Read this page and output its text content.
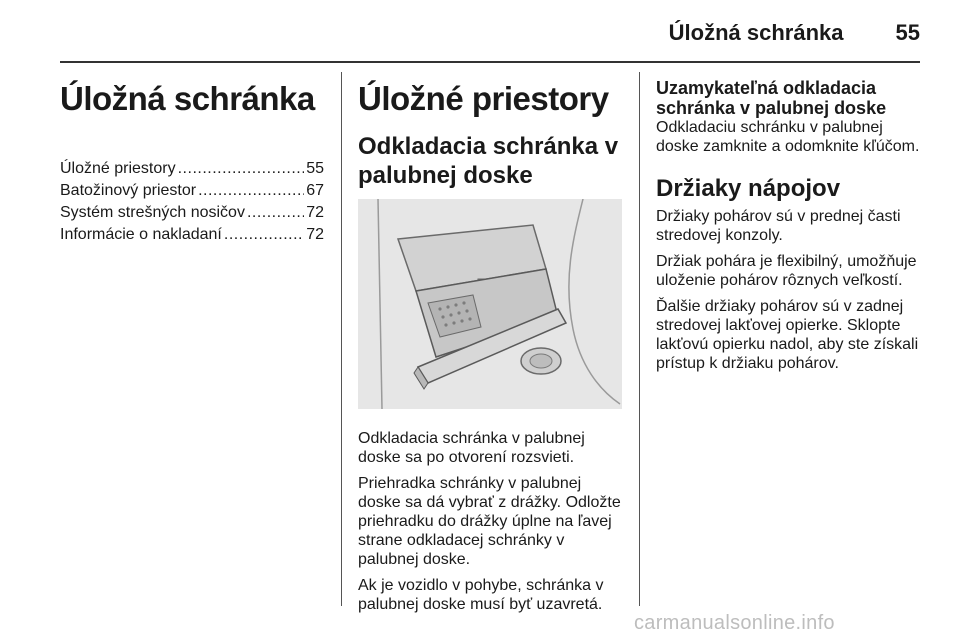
Úložná schránka 55
Úložná schránka
Úložné priestory .....	55
Batožinový priestor .....	67
Systém strešných nosičov .....	72
Informácie o nakladaní .....	72
Úložné priestory
Odkladacia schránka v palubnej doske

Odkladacia schránka v palubnej doske sa po otvorení rozsvieti.

Priehradka schránky v palubnej doske sa dá vybrať z drážky. Odložte priehradku do drážky úplne na ľavej strane odkladacej schránky v palubnej doske.

Ak je vozidlo v pohybe, schránka v palubnej doske musí byť uzavretá.

Uzamykateľná odkladacia schránka v palubnej doske

Odkladaciu schránku v palubnej doske zamknite a odomknite kľúčom.

Držiaky nápojov

Držiaky pohárov sú v prednej časti stredovej konzoly.

Držiak pohára je flexibilný, umožňuje uloženie pohárov rôznych veľkostí.

Ďalšie držiaky pohárov sú v zadnej stredovej lakťovej opierke. Sklopte lakťovú opierku nadol, aby ste získali prístup k držiaku pohárov.

carmanualsonline.info
